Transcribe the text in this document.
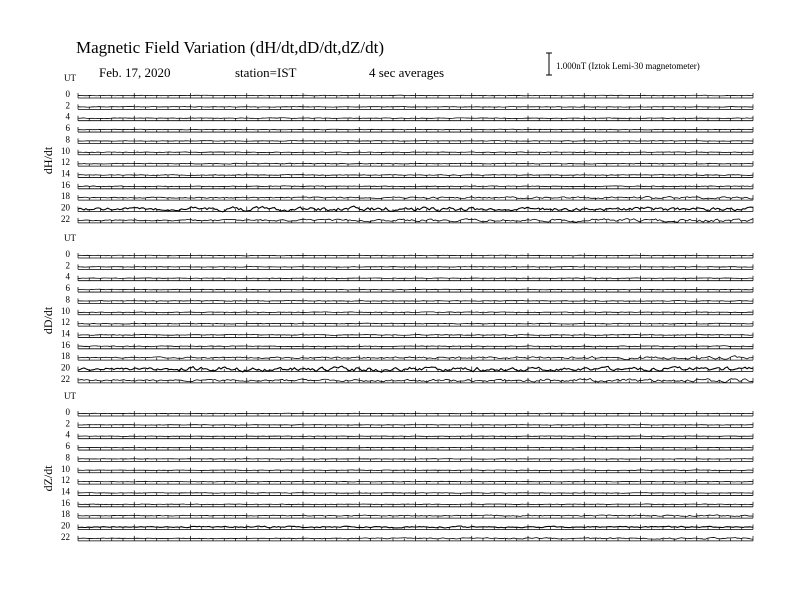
Magnetic Field Variation (dH/dt,dD/dt,dZ/dt)
Feb. 17, 2020	station=IST	4 sec averages	1.000nT (Iztok Lemi-30 magnetometer)
UT
dH/dt
0
2
4
6
8
10
12
14
16
18
20
22
UT
dD/dt
0
2
4
6
8
10
12
14
16
18
20
22
UT
dZ/dt
0
2
4
6
8
10
12
14
16
18
20
22
